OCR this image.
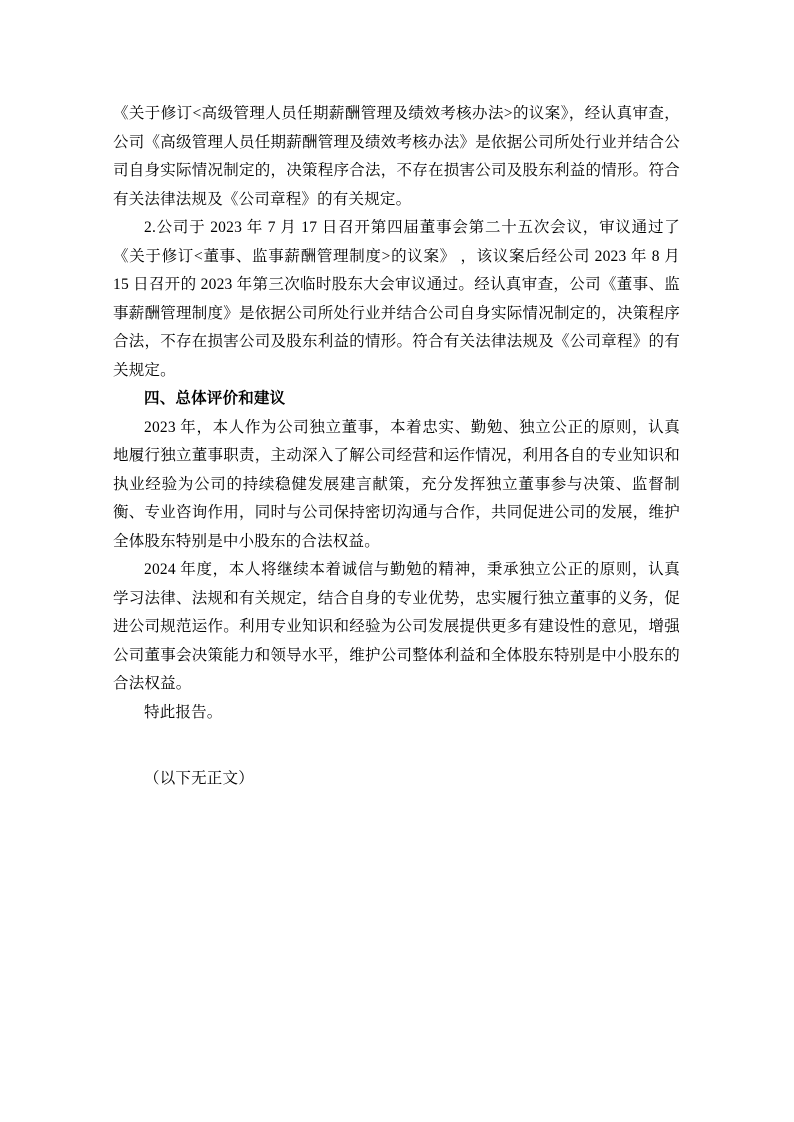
《关于修订<高级管理人员任期薪酬管理及绩效考核办法>的议案》，经认真审查，公司《高级管理人员任期薪酬管理及绩效考核办法》是依据公司所处行业并结合公司自身实际情况制定的，决策程序合法，不存在损害公司及股东利益的情形。符合有关法律法规及《公司章程》的有关规定。

2.公司于 2023 年 7 月 17 日召开第四届董事会第二十五次会议，审议通过了《关于修订<董事、监事薪酬管理制度>的议案》 ，该议案后经公司 2023 年 8 月 15 日召开的 2023 年第三次临时股东大会审议通过。经认真审查，公司《董事、监事薪酬管理制度》是依据公司所处行业并结合公司自身实际情况制定的，决策程序合法，不存在损害公司及股东利益的情形。符合有关法律法规及《公司章程》的有关规定。

四、总体评价和建议

2023 年，本人作为公司独立董事，本着忠实、勤勉、独立公正的原则，认真地履行独立董事职责，主动深入了解公司经营和运作情况，利用各自的专业知识和执业经验为公司的持续稳健发展建言献策，充分发挥独立董事参与决策、监督制衡、专业咨询作用，同时与公司保持密切沟通与合作，共同促进公司的发展，维护全体股东特别是中小股东的合法权益。

2024 年度，本人将继续本着诚信与勤勉的精神，秉承独立公正的原则，认真学习法律、法规和有关规定，结合自身的专业优势，忠实履行独立董事的义务，促进公司规范运作。利用专业知识和经验为公司发展提供更多有建设性的意见，增强公司董事会决策能力和领导水平，维护公司整体利益和全体股东特别是中小股东的合法权益。

特此报告。

（以下无正文）
